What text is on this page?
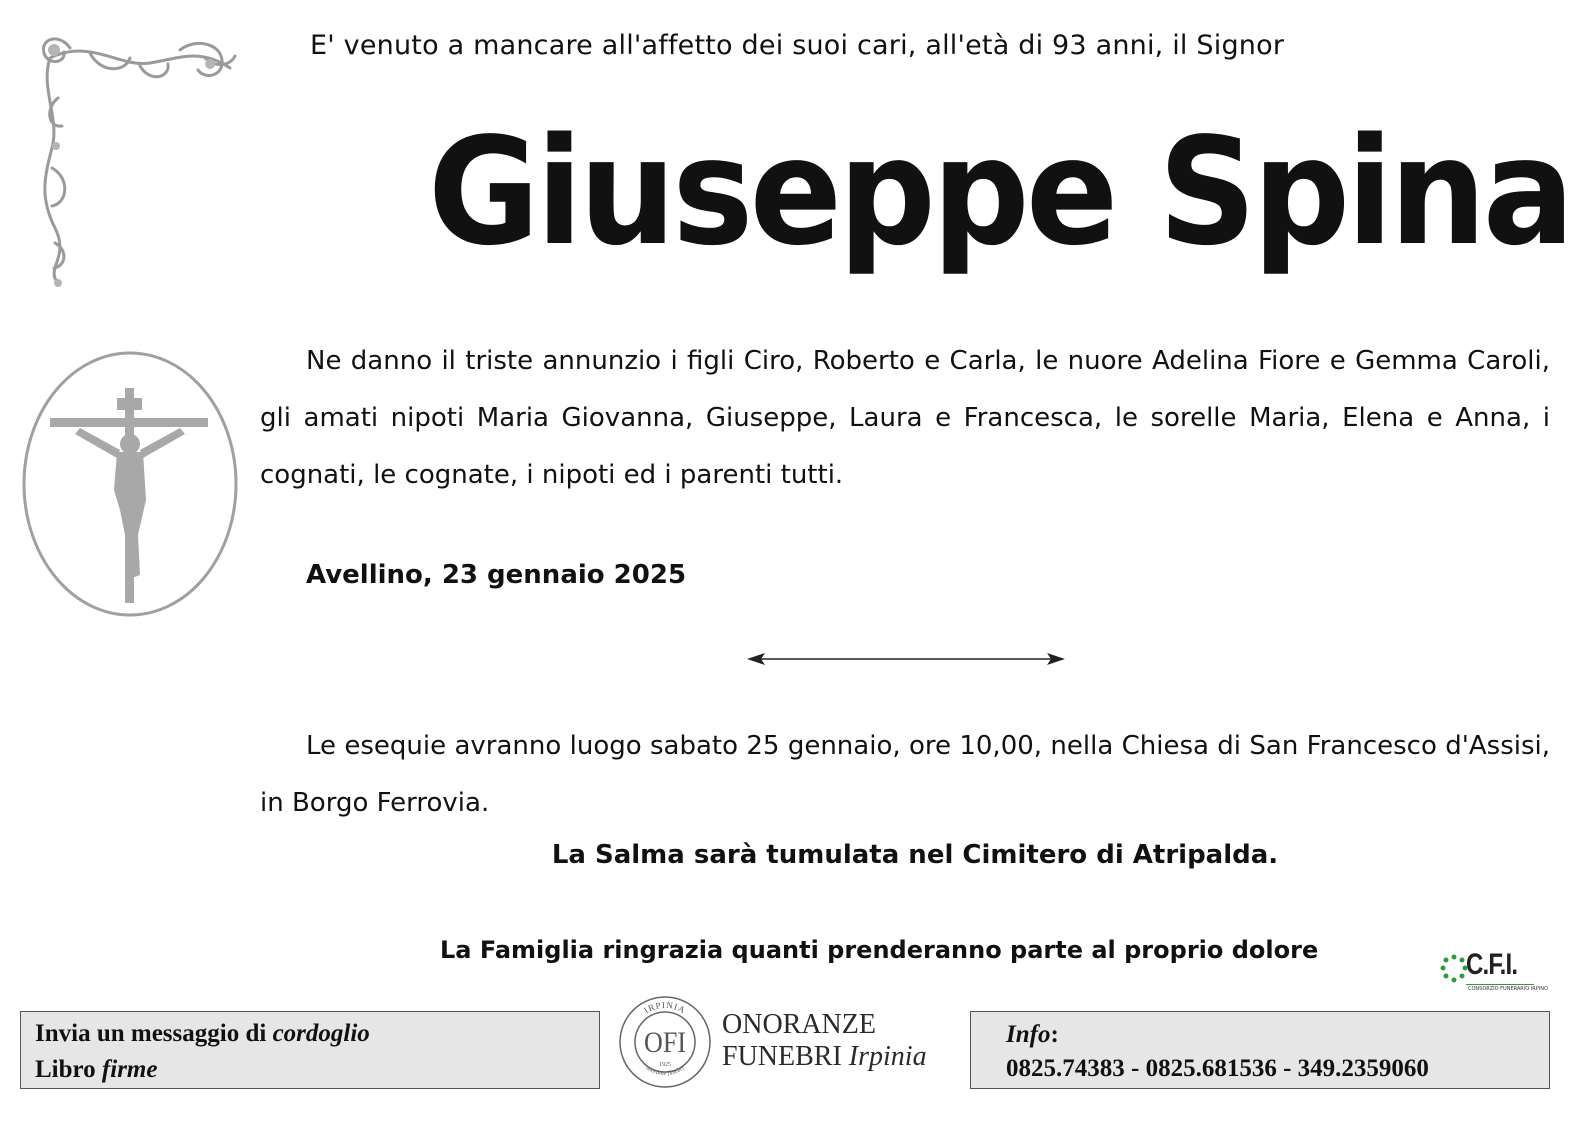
E' venuto a mancare all'affetto dei suoi cari, all'età di 93 anni, il Signor
Giuseppe Spina
Ne danno il triste annunzio i figli Ciro, Roberto e Carla, le nuore Adelina Fiore e Gemma Caroli, gli amati nipoti Maria Giovanna, Giuseppe, Laura e Francesca, le sorelle Maria, Elena e Anna, i cognati, le cognate, i nipoti ed i parenti tutti.
Avellino, 23 gennaio 2025
Le esequie avranno luogo sabato 25 gennaio, ore 10,00, nella Chiesa di San Francesco d'Assisi, in Borgo Ferrovia.
La Salma sarà tumulata nel Cimitero di Atripalda.
La Famiglia ringrazia quanti prenderanno parte al proprio dolore	C.F.I.
CONSORZIO FUNERARIO IRPINO
Invia un messaggio di cordoglio
Libro firme
IRPINIA
onoranze funebri
OFI
1925
ONORANZE
FUNEBRI Irpinia
Info:
0825.74383 - 0825.681536 - 349.2359060
